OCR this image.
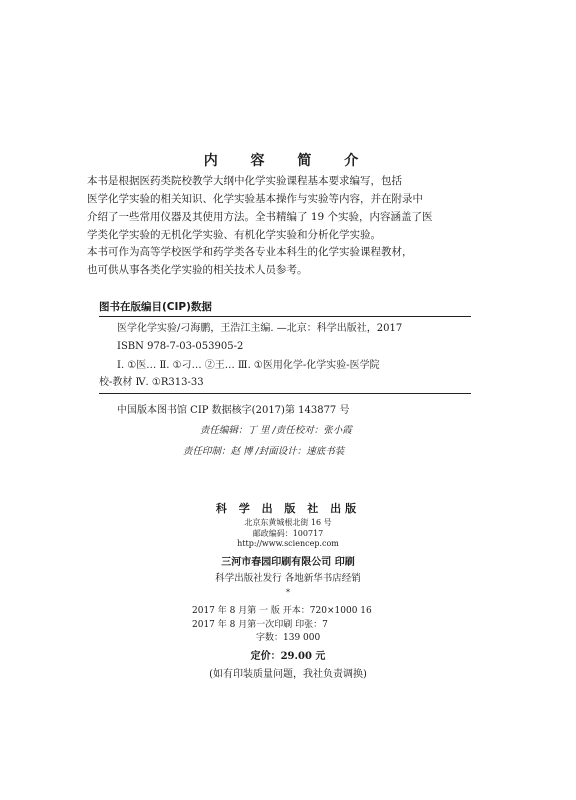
内 容 简 介

本书是根据医药类院校教学大纲中化学实验课程基本要求编写，包括
医学化学实验的相关知识、化学实验基本操作与实验等内容，并在附录中
介绍了一些常用仪器及其使用方法。全书精编了 19 个实验，内容涵盖了医
学类化学实验的无机化学实验、有机化学实验和分析化学实验。

本书可作为高等学校医学和药学类各专业本科生的化学实验课程教材，
也可供从事各类化学实验的相关技术人员参考。

图书在版编目(CIP)数据
医学化学实验/刁海鹏，王浩江主编. —北京：科学出版社，2017
ISBN 978-7-03-053905-2
Ⅰ. ①医… Ⅱ. ①刁… ②王… Ⅲ. ①医用化学-化学实验-医学院
校-教材 Ⅳ. ①R313-33
中国版本图书馆 CIP 数据核字(2017)第 143877 号
责任编辑：丁 里 /责任校对：张小霞
责任印制：赵 博 /封面设计：速底书装
科 学 出 版 社 出版
北京东黄城根北街 16 号
邮政编码：100717
http://www.sciencep.com
三河市春园印刷有限公司 印刷
科学出版社发行 各地新华书店经销
*
2017 年 8 月第 一 版 开本：720×1000 16
2017 年 8 月第一次印刷 印张：7
字数：139 000
定价：29.00 元
(如有印装质量问题，我社负责调换)
